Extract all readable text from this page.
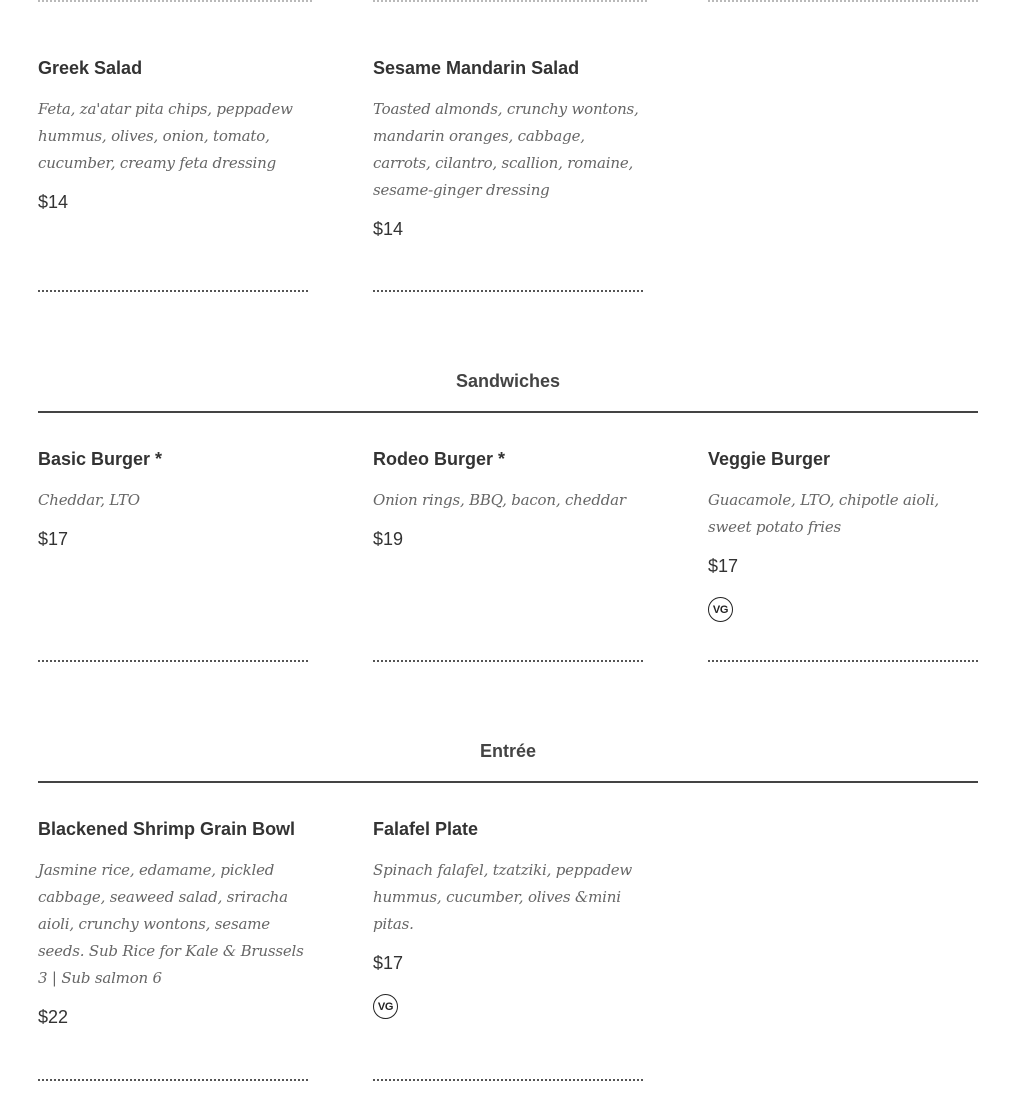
Greek Salad

Feta, za'atar pita chips, peppadew hummus, olives, onion, tomato, cucumber, creamy feta dressing

$14

Sesame Mandarin Salad

Toasted almonds, crunchy wontons, mandarin oranges, cabbage, carrots, cilantro, scallion, romaine, sesame-ginger dressing

$14

Sandwiches
Basic Burger *

Cheddar, LTO

$17

Rodeo Burger *

Onion rings, BBQ, bacon, cheddar

$19

Veggie Burger

Guacamole, LTO, chipotle aioli, sweet potato fries

$17

VG
Entrée
Blackened Shrimp Grain Bowl

Jasmine rice, edamame, pickled cabbage, seaweed salad, sriracha aioli, crunchy wontons, sesame seeds. Sub Rice for Kale & Brussels 3 | Sub salmon 6

$22

Falafel Plate

Spinach falafel, tzatziki, peppadew hummus, cucumber, olives &mini pitas.

$17

VG
